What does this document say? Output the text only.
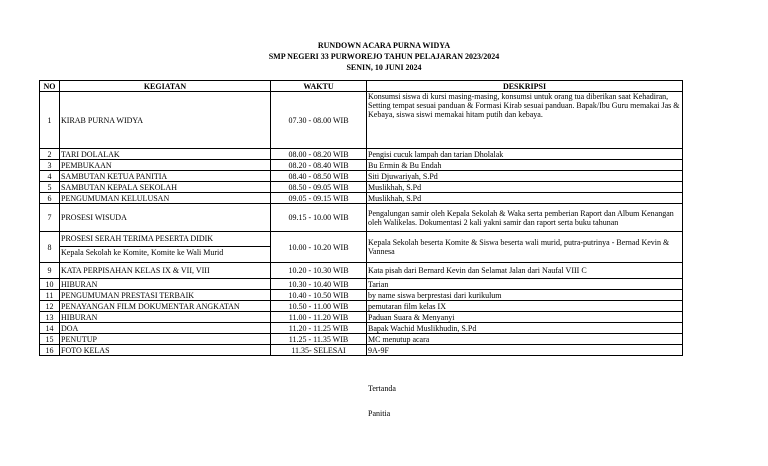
RUNDOWN ACARA PURNA WIDYA
SMP NEGERI 33 PURWOREJO TAHUN PELAJARAN 2023/2024
SENIN, 10 JUNI 2024
NO	KEGIATAN	WAKTU	DESKRIPSI
1	KIRAB PURNA WIDYA	07.30 - 08.00 WIB	Konsumsi siswa di kursi masing-masing, konsumsi untuk orang tua diberikan saat Kehadiran, Setting tempat sesuai panduan & Formasi Kirab sesuai panduan. Bapak/Ibu Guru memakai Jas & Kebaya, siswa siswi memakai hitam putih dan kebaya.
2	TARI DOLALAK	08.00 - 08.20 WIB	Pengisi cucuk lampah dan tarian Dholalak
3	PEMBUKAAN	08.20 - 08.40 WIB	Bu Ermin & Bu Endah
4	SAMBUTAN KETUA PANITIA	08.40 - 08.50 WIB	Siti Djuwariyah, S.Pd
5	SAMBUTAN KEPALA SEKOLAH	08.50 - 09.05 WIB	Muslikhah, S.Pd
6	PENGUMUMAN KELULUSAN	09.05 - 09.15 WIB	Muslikhah, S.Pd
7	PROSESI WISUDA	09.15 - 10.00 WIB	Pengalungan samir oleh Kepala Sekolah & Waka serta pemberian Raport dan Album Kenangan oleh Walikelas. Dokumentasi 2 kali yakni samir dan raport serta buku tahunan
8	PROSESI SERAH TERIMA PESERTA DIDIK
Kepala Sekolah ke Komite, Komite ke Wali Murid	10.00 - 10.20 WIB	Kepala Sekolah beserta Komite & Siswa beserta wali murid, putra-putrinya - Bernad Kevin & Vannesa
9	KATA PERPISAHAN KELAS IX & VII, VIII	10.20 - 10.30 WIB	Kata pisah dari Bernard Kevin dan Selamat Jalan dari Naufal VIII C
10	HIBURAN	10.30 - 10.40 WIB	Tarian
11	PENGUMUMAN PRESTASI TERBAIK	10.40 - 10.50 WIB	by name siswa berprestasi dari kurikulum
12	PENAYANGAN FILM DOKUMENTAR ANGKATAN	10.50 - 11.00 WIB	pemutaran film kelas IX
13	HIBURAN	11.00 - 11.20 WIB	Paduan Suara & Menyanyi
14	DOA	11.20 - 11.25 WIB	Bapak Wachid Muslikhudin, S.Pd
15	PENUTUP	11.25 - 11.35 WIB	MC menutup acara
16	FOTO KELAS	11.35- SELESAI	9A-9F
Tertanda
Panitia
